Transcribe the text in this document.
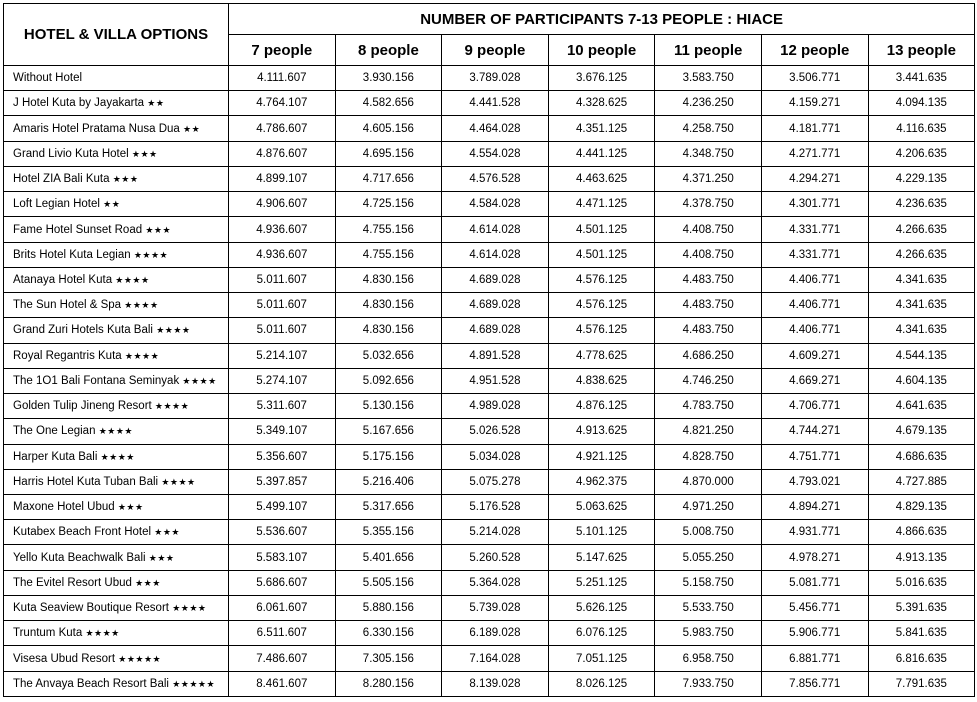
HOTEL & VILLA OPTIONS	NUMBER OF PARTICIPANTS 7-13 PEOPLE : HIACE						
	7 people	8 people	9 people	10 people	11 people	12 people	13 people
Without Hotel	4.111.607	3.930.156	3.789.028	3.676.125	3.583.750	3.506.771	3.441.635
J Hotel Kuta by Jayakarta ★★	4.764.107	4.582.656	4.441.528	4.328.625	4.236.250	4.159.271	4.094.135
Amaris Hotel Pratama Nusa Dua ★★	4.786.607	4.605.156	4.464.028	4.351.125	4.258.750	4.181.771	4.116.635
Grand Livio Kuta Hotel ★★★	4.876.607	4.695.156	4.554.028	4.441.125	4.348.750	4.271.771	4.206.635
Hotel ZIA Bali Kuta ★★★	4.899.107	4.717.656	4.576.528	4.463.625	4.371.250	4.294.271	4.229.135
Loft Legian Hotel ★★	4.906.607	4.725.156	4.584.028	4.471.125	4.378.750	4.301.771	4.236.635
Fame Hotel Sunset Road ★★★	4.936.607	4.755.156	4.614.028	4.501.125	4.408.750	4.331.771	4.266.635
Brits Hotel Kuta Legian ★★★★	4.936.607	4.755.156	4.614.028	4.501.125	4.408.750	4.331.771	4.266.635
Atanaya Hotel Kuta ★★★★	5.011.607	4.830.156	4.689.028	4.576.125	4.483.750	4.406.771	4.341.635
The Sun Hotel & Spa ★★★★	5.011.607	4.830.156	4.689.028	4.576.125	4.483.750	4.406.771	4.341.635
Grand Zuri Hotels Kuta Bali ★★★★	5.011.607	4.830.156	4.689.028	4.576.125	4.483.750	4.406.771	4.341.635
Royal Regantris Kuta ★★★★	5.214.107	5.032.656	4.891.528	4.778.625	4.686.250	4.609.271	4.544.135
The 1O1 Bali Fontana Seminyak ★★★★	5.274.107	5.092.656	4.951.528	4.838.625	4.746.250	4.669.271	4.604.135
Golden Tulip Jineng Resort ★★★★	5.311.607	5.130.156	4.989.028	4.876.125	4.783.750	4.706.771	4.641.635
The One Legian ★★★★	5.349.107	5.167.656	5.026.528	4.913.625	4.821.250	4.744.271	4.679.135
Harper Kuta Bali ★★★★	5.356.607	5.175.156	5.034.028	4.921.125	4.828.750	4.751.771	4.686.635
Harris Hotel Kuta Tuban Bali ★★★★	5.397.857	5.216.406	5.075.278	4.962.375	4.870.000	4.793.021	4.727.885
Maxone Hotel Ubud ★★★	5.499.107	5.317.656	5.176.528	5.063.625	4.971.250	4.894.271	4.829.135
Kutabex Beach Front Hotel ★★★	5.536.607	5.355.156	5.214.028	5.101.125	5.008.750	4.931.771	4.866.635
Yello Kuta Beachwalk Bali ★★★	5.583.107	5.401.656	5.260.528	5.147.625	5.055.250	4.978.271	4.913.135
The Evitel Resort Ubud ★★★	5.686.607	5.505.156	5.364.028	5.251.125	5.158.750	5.081.771	5.016.635
Kuta Seaview Boutique Resort ★★★★	6.061.607	5.880.156	5.739.028	5.626.125	5.533.750	5.456.771	5.391.635
Truntum Kuta ★★★★	6.511.607	6.330.156	6.189.028	6.076.125	5.983.750	5.906.771	5.841.635
Visesa Ubud Resort ★★★★★	7.486.607	7.305.156	7.164.028	7.051.125	6.958.750	6.881.771	6.816.635
The Anvaya Beach Resort Bali ★★★★★	8.461.607	8.280.156	8.139.028	8.026.125	7.933.750	7.856.771	7.791.635
